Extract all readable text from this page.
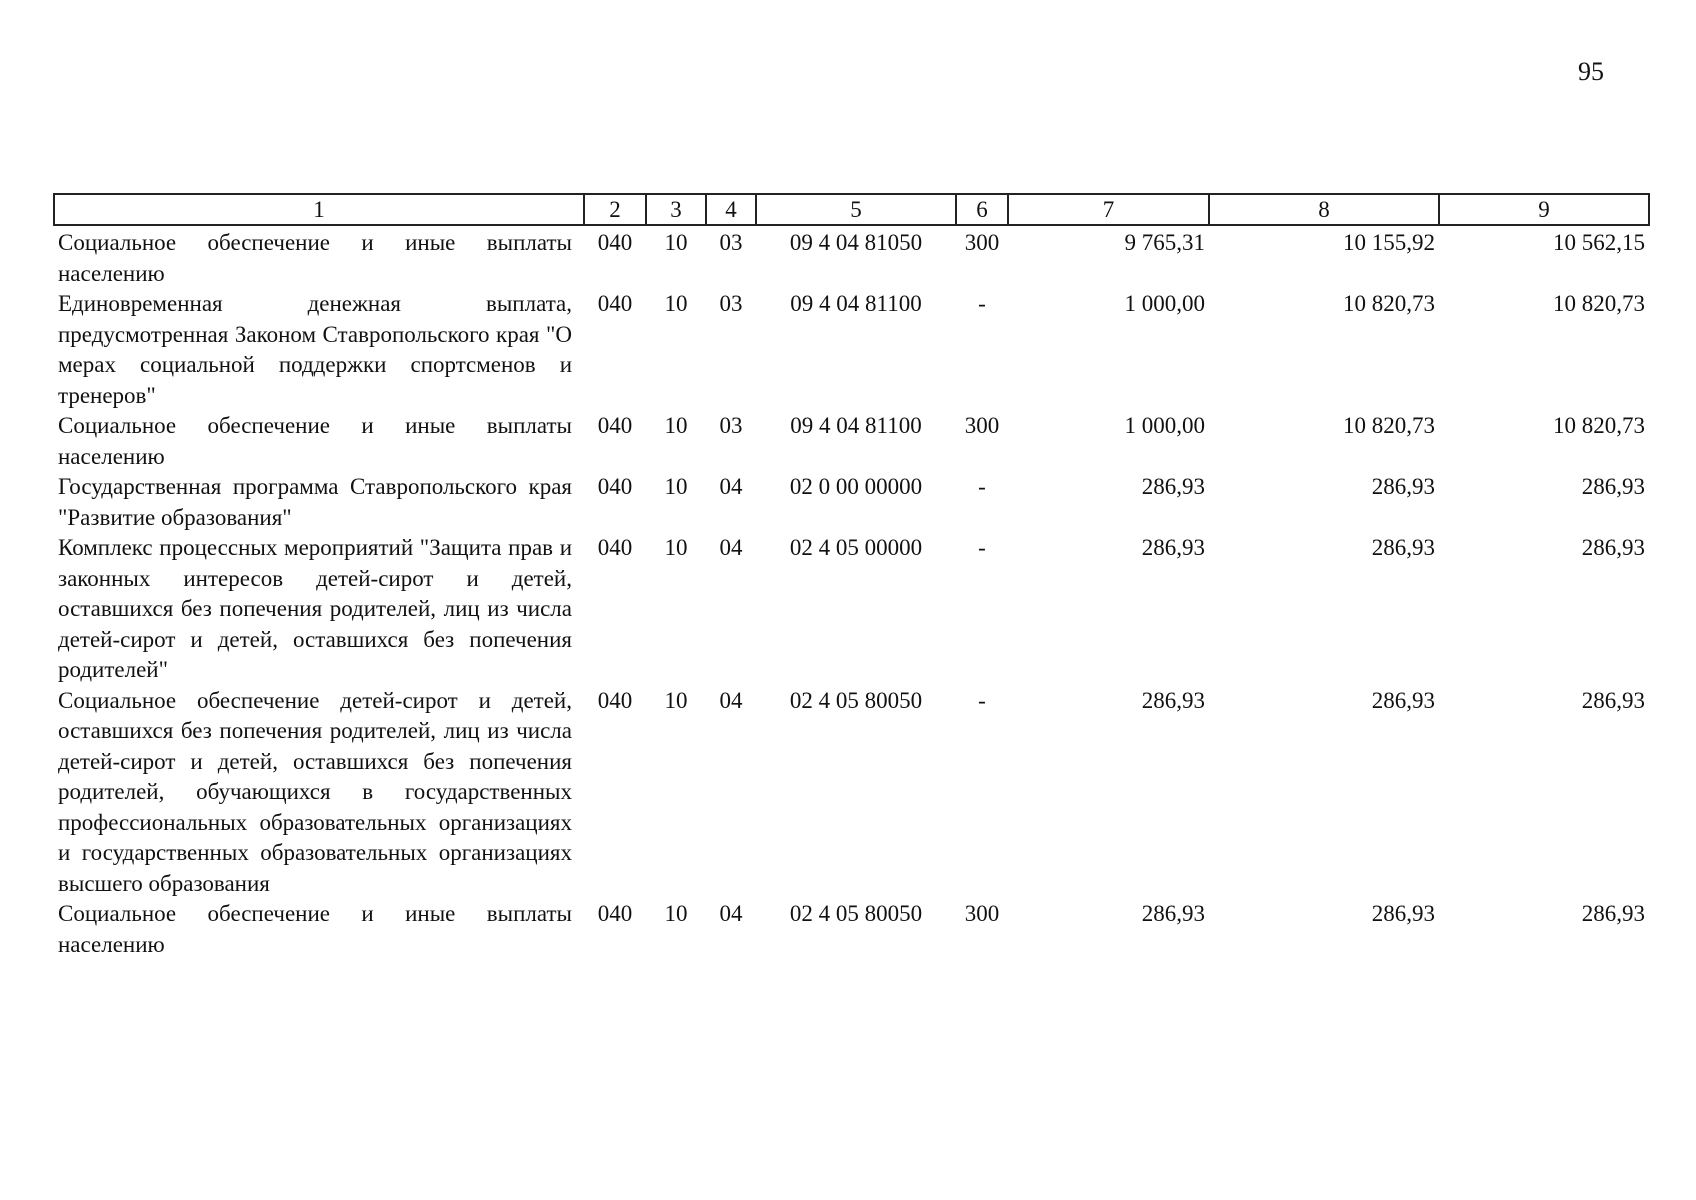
95
1	2	3	4	5	6	7	8	9
Социальное обеспечение и иные выплаты населению	040	10	03	09 4 04 81050	300	9 765,31	10 155,92	10 562,15
Единовременная денежная выплата, предусмотренная Законом Ставропольского края "О мерах социальной поддержки спортсменов и тренеров"	040	10	03	09 4 04 81100	-	1 000,00	10 820,73	10 820,73
Социальное обеспечение и иные выплаты населению	040	10	03	09 4 04 81100	300	1 000,00	10 820,73	10 820,73
Государственная программа Ставропольского края "Развитие образования"	040	10	04	02 0 00 00000	-	286,93	286,93	286,93
Комплекс процессных мероприятий "Защита прав и законных интересов детей-сирот и детей, оставшихся без попечения родителей, лиц из числа детей-сирот и детей, оставшихся без попечения родителей"	040	10	04	02 4 05 00000	-	286,93	286,93	286,93
Социальное обеспечение детей-сирот и детей, оставшихся без попечения родителей, лиц из числа детей-сирот и детей, оставшихся без попечения родителей, обучающихся в государственных профессиональных образовательных организациях и государственных образовательных организациях высшего образования	040	10	04	02 4 05 80050	-	286,93	286,93	286,93
Социальное обеспечение и иные выплаты населению	040	10	04	02 4 05 80050	300	286,93	286,93	286,93
